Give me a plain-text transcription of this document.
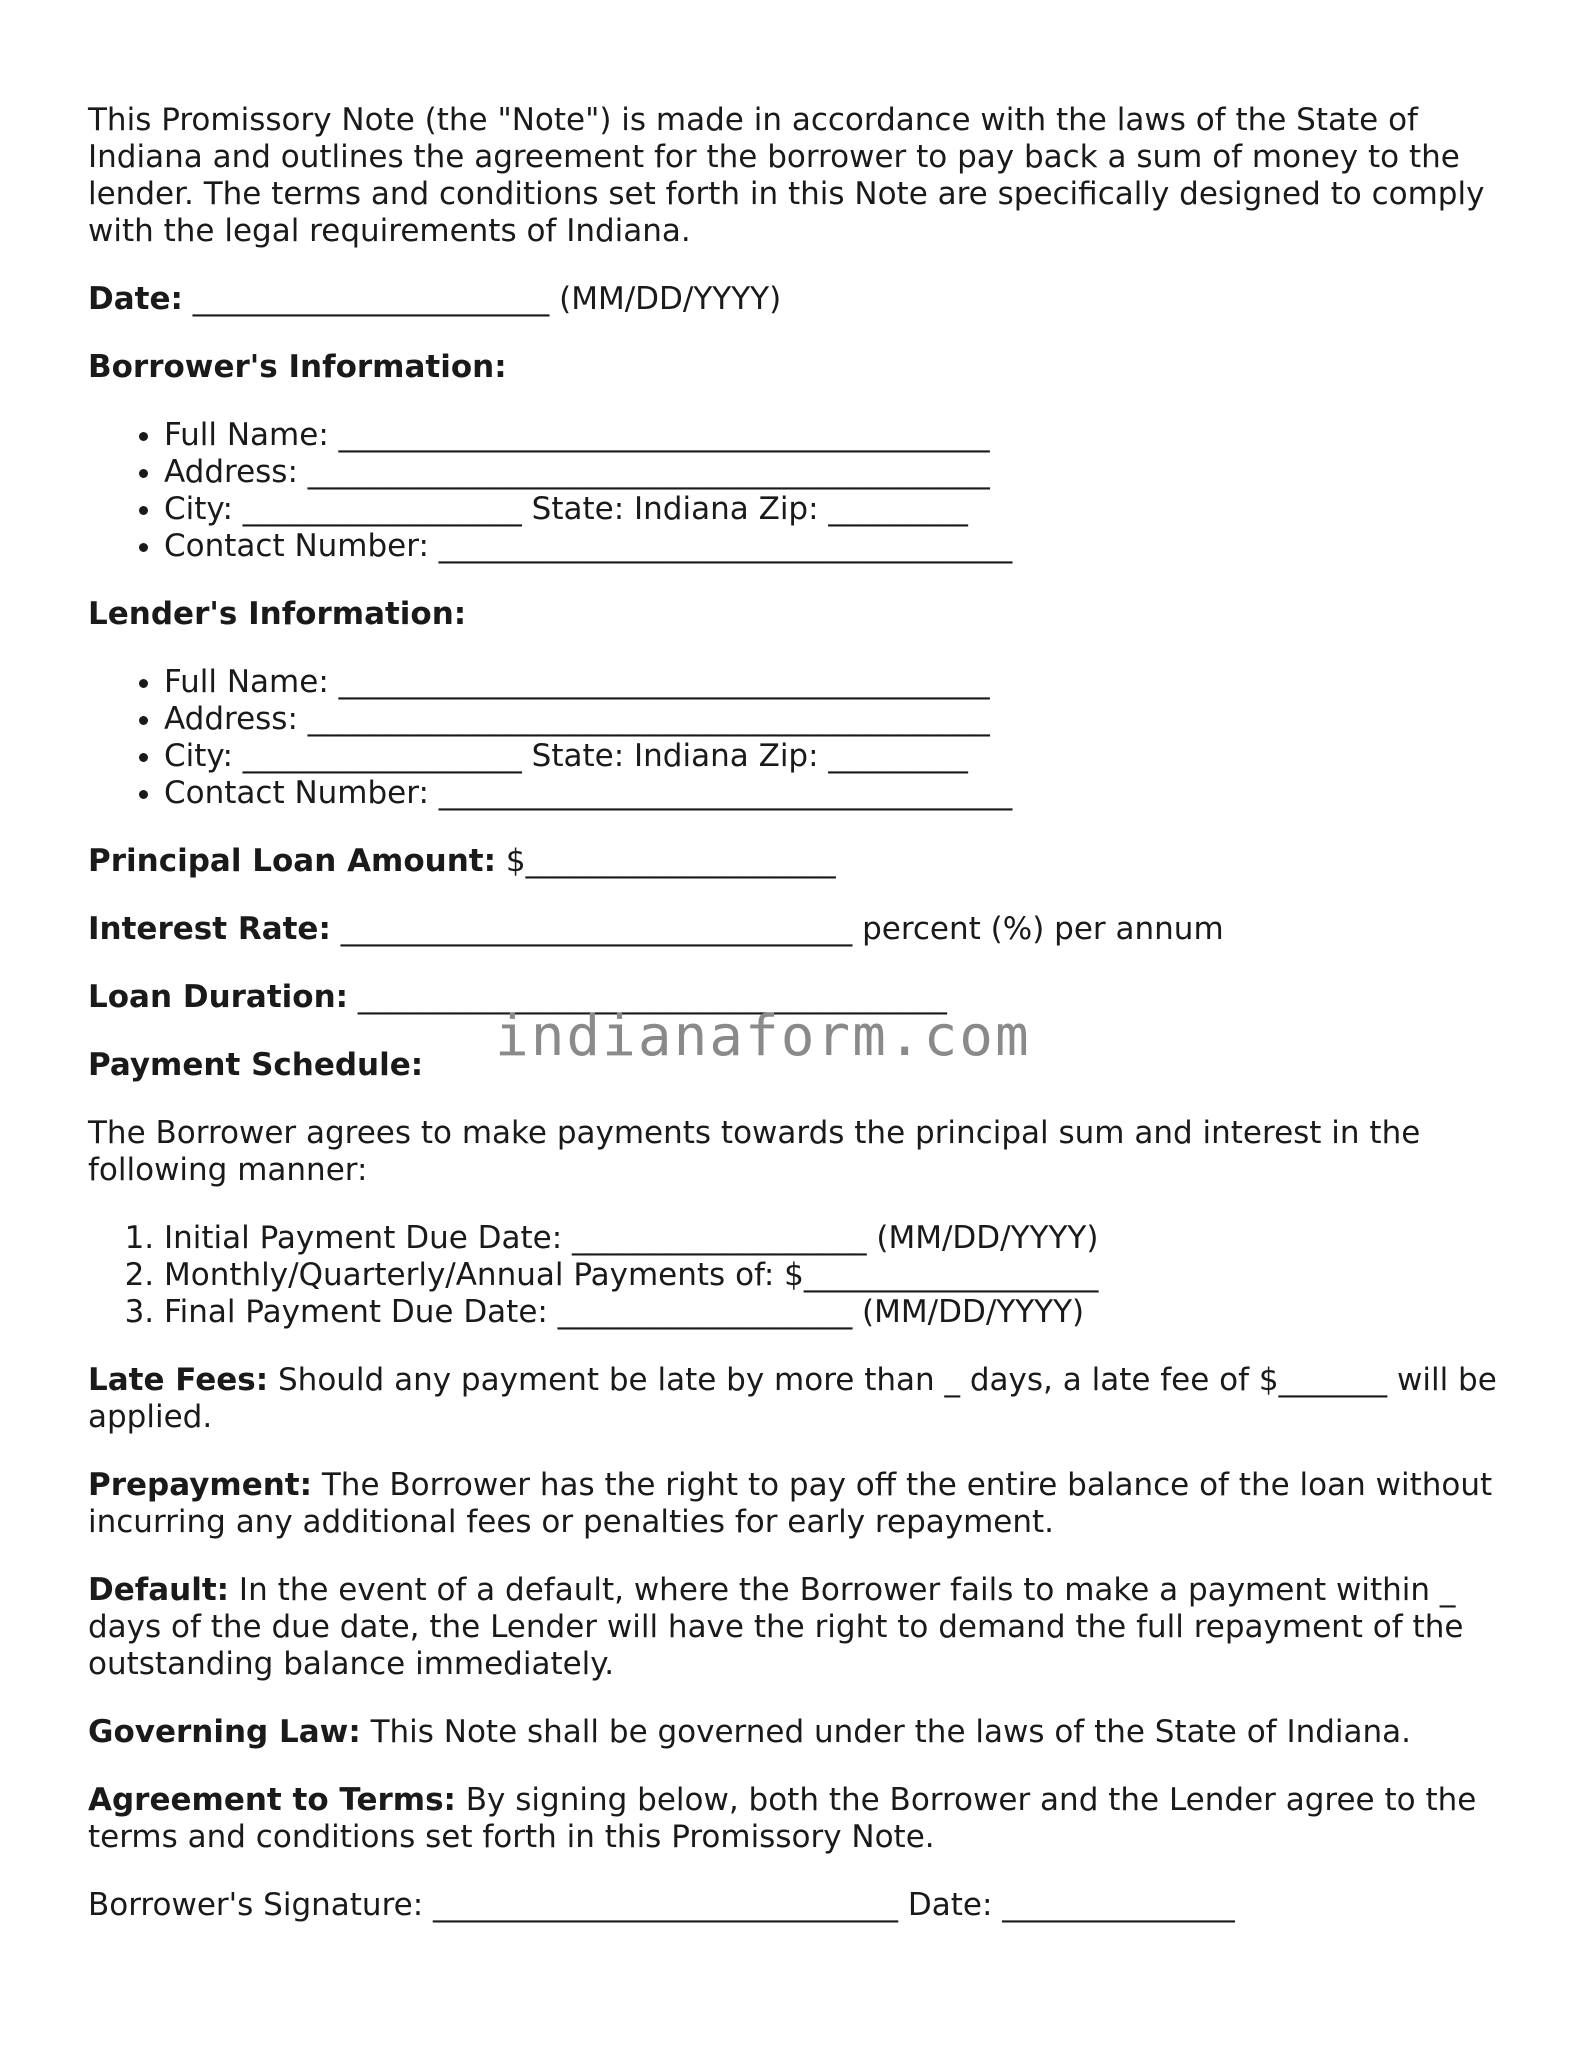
This Promissory Note (the "Note") is made in accordance with the laws of the State of Indiana and outlines the agreement for the borrower to pay back a sum of money to the lender. The terms and conditions set forth in this Note are specifically designed to comply with the legal requirements of Indiana.

Date: _______________________ (MM/DD/YYYY)

Borrower's Information:

• Full Name: __________________________________________
• Address: ____________________________________________
• City: __________________ State: Indiana Zip: _________
• Contact Number: _____________________________________

Lender's Information:

• Full Name: __________________________________________
• Address: ____________________________________________
• City: __________________ State: Indiana Zip: _________
• Contact Number: _____________________________________

Principal Loan Amount: $____________________

Interest Rate: _________________________________ percent (%) per annum

Loan Duration: ______________________________________

Payment Schedule:

The Borrower agrees to make payments towards the principal sum and interest in the following manner:

1. Initial Payment Due Date: ___________________ (MM/DD/YYYY)
2. Monthly/Quarterly/Annual Payments of: $___________________
3. Final Payment Due Date: ___________________ (MM/DD/YYYY)

Late Fees: Should any payment be late by more than _ days, a late fee of $_______ will be applied.

Prepayment: The Borrower has the right to pay off the entire balance of the loan without incurring any additional fees or penalties for early repayment.

Default: In the event of a default, where the Borrower fails to make a payment within _ days of the due date, the Lender will have the right to demand the full repayment of the outstanding balance immediately.

Governing Law: This Note shall be governed under the laws of the State of Indiana.

Agreement to Terms: By signing below, both the Borrower and the Lender agree to the terms and conditions set forth in this Promissory Note.

Borrower's Signature: ______________________________ Date: _______________

indianaform.com
